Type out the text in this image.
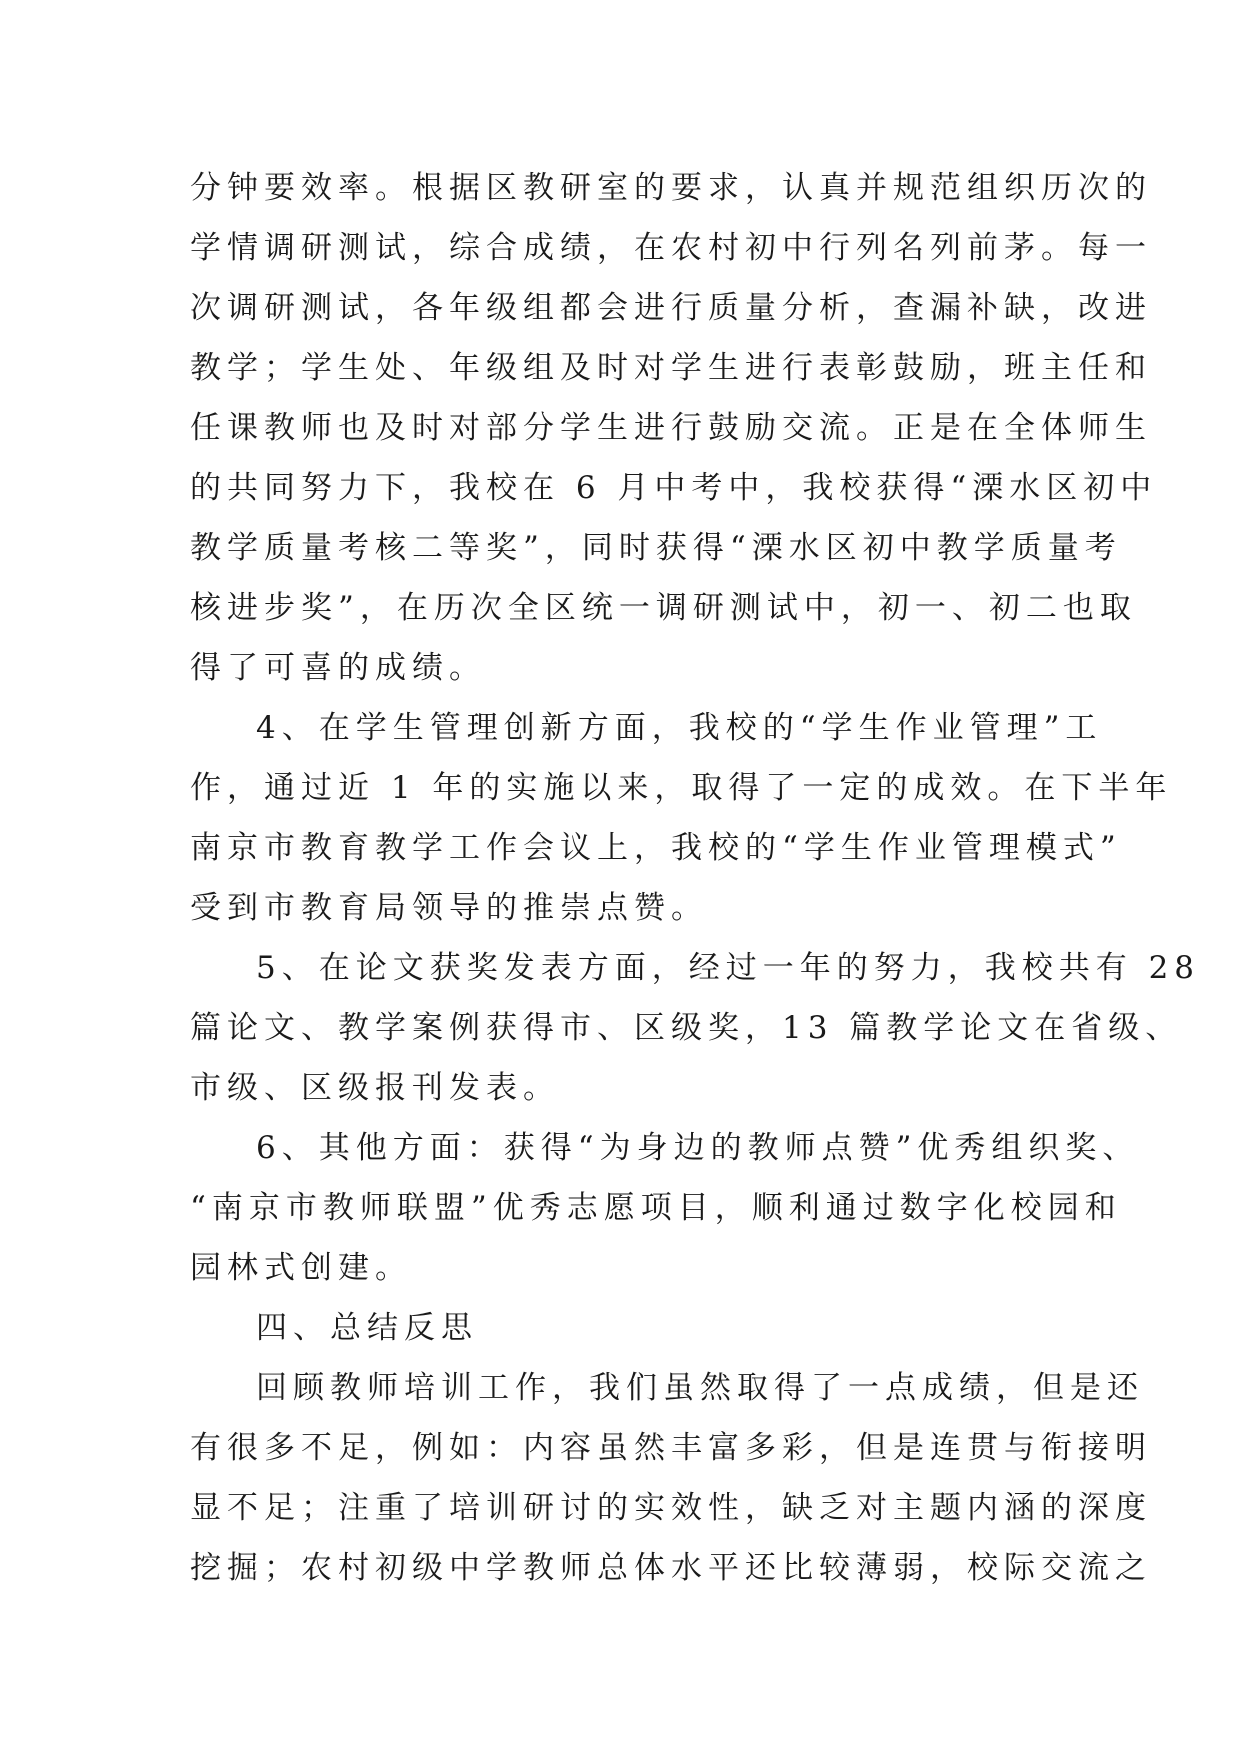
分钟要效率。根据区教研室的要求，认真并规范组织历次的
学情调研测试，综合成绩，在农村初中行列名列前茅。每一
次调研测试，各年级组都会进行质量分析，查漏补缺，改进
教学；学生处、年级组及时对学生进行表彰鼓励，班主任和
任课教师也及时对部分学生进行鼓励交流。正是在全体师生
的共同努力下，我校在 6 月中考中，我校获得“溧水区初中
教学质量考核二等奖”，同时获得“溧水区初中教学质量考
核进步奖”，在历次全区统一调研测试中，初一、初二也取
得了可喜的成绩。
4、在学生管理创新方面，我校的“学生作业管理”工
作，通过近 1 年的实施以来，取得了一定的成效。在下半年
南京市教育教学工作会议上，我校的“学生作业管理模式”
受到市教育局领导的推崇点赞。
5、在论文获奖发表方面，经过一年的努力，我校共有 28
篇论文、教学案例获得市、区级奖，13 篇教学论文在省级、
市级、区级报刊发表。
6、其他方面：获得“为身边的教师点赞”优秀组织奖、
“南京市教师联盟”优秀志愿项目，顺利通过数字化校园和
园林式创建。
四、总结反思
回顾教师培训工作，我们虽然取得了一点成绩，但是还
有很多不足，例如：内容虽然丰富多彩，但是连贯与衔接明
显不足；注重了培训研讨的实效性，缺乏对主题内涵的深度
挖掘；农村初级中学教师总体水平还比较薄弱，校际交流之
